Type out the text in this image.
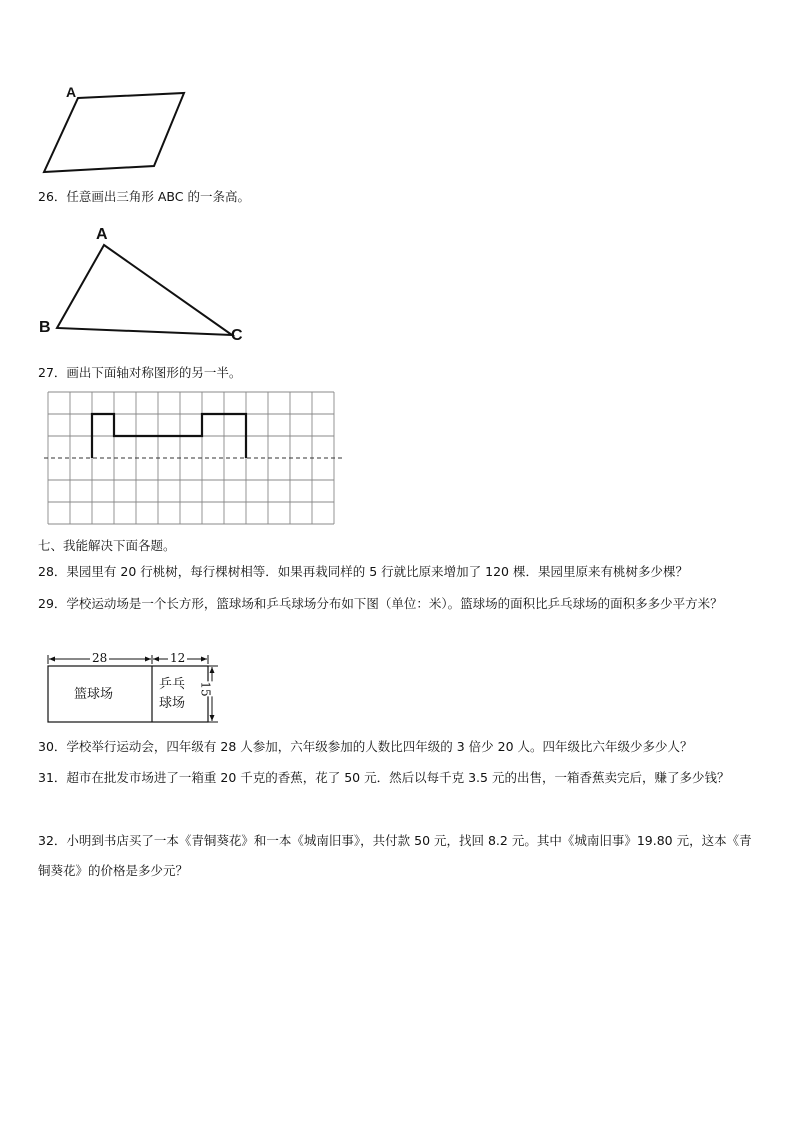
A
26．任意画出三角形 ABC 的一条高。
A
B	C
27．画出下面轴对称图形的另一半。
七、我能解决下面各题。
28．果园里有 20 行桃树，每行棵树相等．如果再栽同样的 5 行就比原来增加了 120 棵．果园里原来有桃树多少棵？
29．学校运动场是一个长方形，篮球场和乒乓球场分布如下图（单位：米）。篮球场的面积比乒乓球场的面积多多少平方米？
28	12
15
篮球场
乒乓
球场
30．学校举行运动会，四年级有 28 人参加，六年级参加的人数比四年级的 3 倍少 20 人。四年级比六年级少多少人？
31．超市在批发市场进了一箱重 20 千克的香蕉，花了 50 元．然后以每千克 3.5 元的出售，一箱香蕉卖完后，赚了多少钱？
32．小明到书店买了一本《青铜葵花》和一本《城南旧事》，共付款 50 元，找回 8.2 元。其中《城南旧事》19.80 元，这本《青铜葵花》的价格是多少元？
